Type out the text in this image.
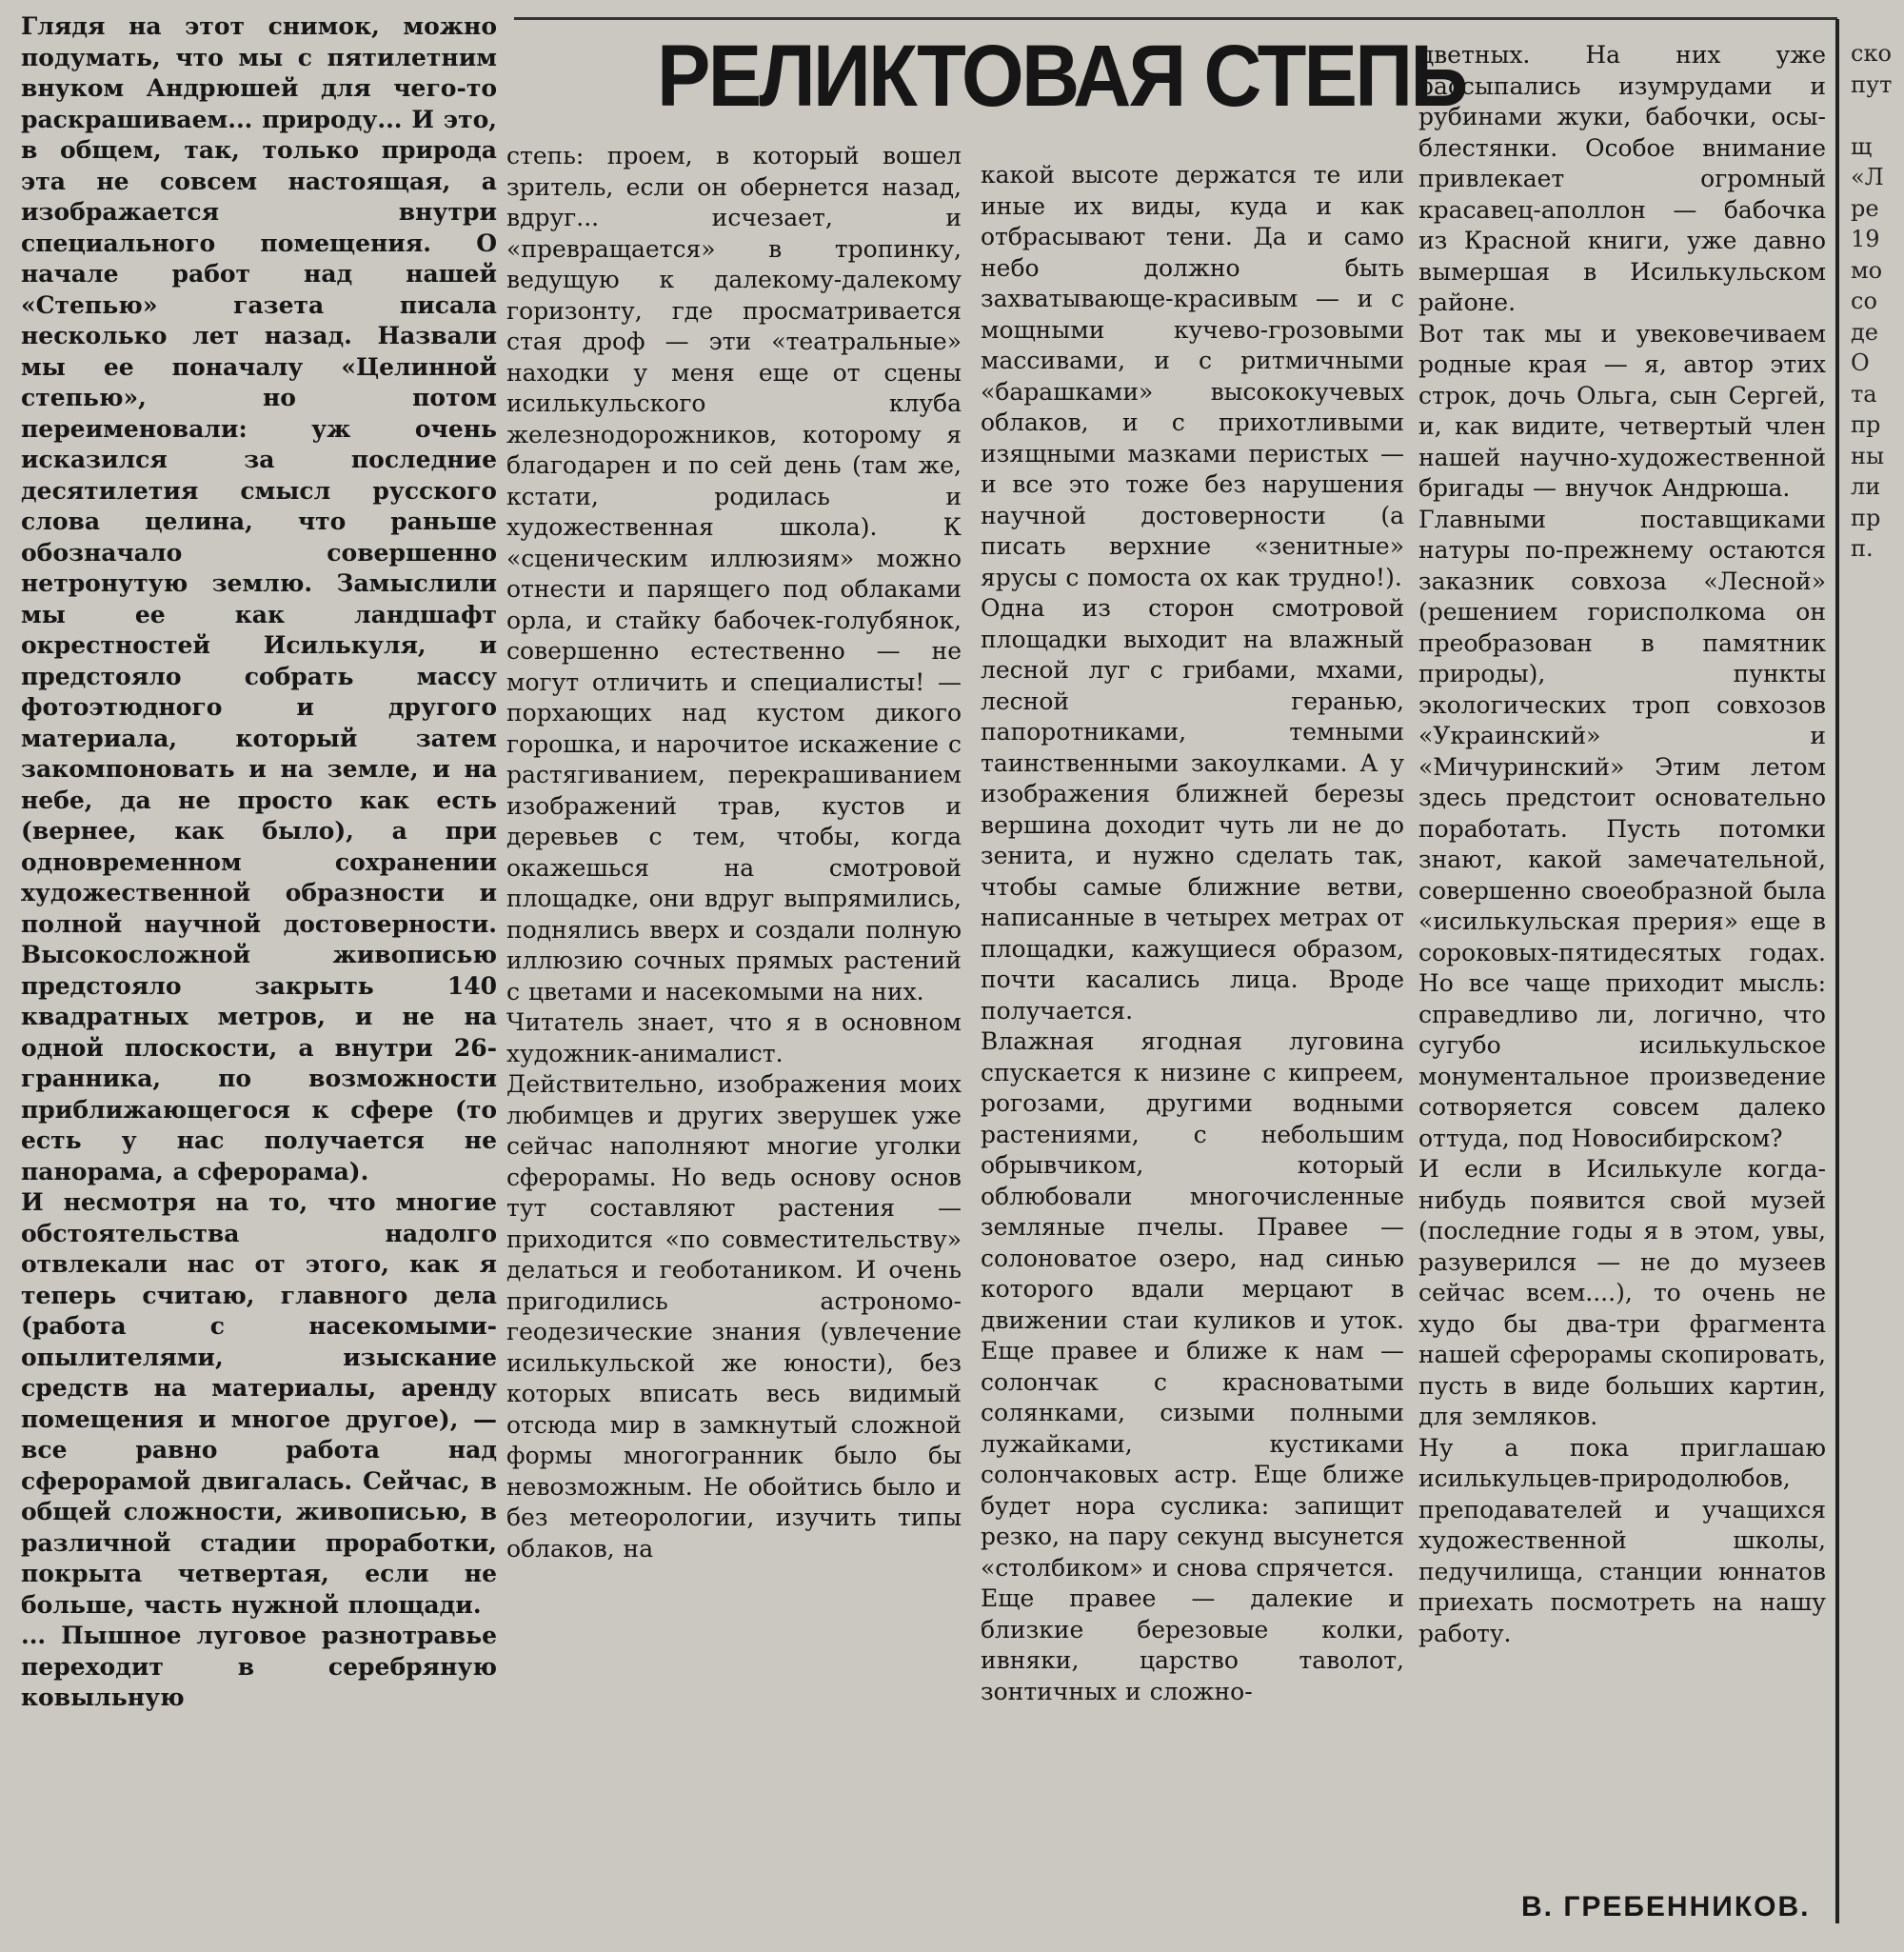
РЕЛИКТОВАЯ СТЕПЬ
Глядя на этот снимок, можно подумать, что мы с пятилетним внуком Андрюшей для чего-то раскрашиваем... природу... И это, в общем, так, только природа эта не совсем настоящая, а изображается внутри специального помещения. О начале работ над нашей «Степью» газета писала несколько лет назад. Назвали мы ее поначалу «Целинной степью», но потом переименовали: уж очень исказился за последние десятилетия смысл русского слова целина, что раньше обозначало совершенно нетронутую землю. Замыслили мы ее как ландшафт окрестностей Исилькуля, и предстояло собрать массу фотоэтюдного и другого материала, который затем закомпоновать и на земле, и на небе, да не просто как есть (вернее, как было), а при одновременном сохранении художественной образности и полной научной достоверности. Высокосложной живописью предстояло закрыть 140 квадратных метров, и не на одной плоскости, а внутри 26-гранника, по возможности приближающегося к сфере (то есть у нас получается не панорама, а сферорама).
И несмотря на то, что многие обстоятельства надолго отвлекали нас от этого, как я теперь считаю, главного дела (работа с насекомыми-опылителями, изыскание средств на материалы, аренду помещения и многое другое), — все равно работа над сферорамой двигалась. Сейчас, в общей сложности, живописью, в различной стадии проработки, покрыта четвертая, если не больше, часть нужной площади.
... Пышное луговое разнотравье переходит в серебряную ковыльную
степь: проем, в который вошел зритель, если он обернется назад, вдруг... исчезает, и «превращается» в тропинку, ведущую к далекому-далекому горизонту, где просматривается стая дроф — эти «театральные» находки у меня еще от сцены исилькульского клуба железнодорожников, которому я благодарен и по сей день (там же, кстати, родилась и художественная школа). К «сценическим иллюзиям» можно отнести и парящего под облаками орла, и стайку бабочек-голубянок, совершенно естественно — не могут отличить и специалисты! — порхающих над кустом дикого горошка, и нарочитое искажение с растягиванием, перекрашиванием изображений трав, кустов и деревьев с тем, чтобы, когда окажешься на смотровой площадке, они вдруг выпрямились, поднялись вверх и создали полную иллюзию сочных прямых растений с цветами и насекомыми на них.
Читатель знает, что я в основном художник-анималист. Действительно, изображения моих любимцев и других зверушек уже сейчас наполняют многие уголки сферорамы. Но ведь основу основ тут составляют растения — приходится «по совместительству» делаться и геоботаником. И очень пригодились астрономо-геодезические знания (увлечение исилькульской же юности), без которых вписать весь видимый отсюда мир в замкнутый сложной формы многогранник было бы невозможным. Не обойтись было и без метеорологии, изучить типы облаков, на
какой высоте держатся те или иные их виды, куда и как отбрасывают тени. Да и само небо должно быть захватывающе-красивым — и с мощными кучево-грозовыми массивами, и с ритмичными «барашками» высококучевых облаков, и с прихотливыми изящными мазками перистых — и все это тоже без нарушения научной достоверности (а писать верхние «зенитные» ярусы с помоста ох как трудно!).
Одна из сторон смотровой площадки выходит на влажный лесной луг с грибами, мхами, лесной геранью, папоротниками, темными таинственными закоулками. А у изображения ближней березы вершина доходит чуть ли не до зенита, и нужно сделать так, чтобы самые ближние ветви, написанные в четырех метрах от площадки, кажущиеся образом, почти касались лица. Вроде получается.
Влажная ягодная луговина спускается к низине с кипреем, рогозами, другими водными растениями, с небольшим обрывчиком, который облюбовали многочисленные земляные пчелы. Правее — солоноватое озеро, над синью которого вдали мерцают в движении стаи куликов и уток. Еще правее и ближе к нам — солончак с красноватыми солянками, сизыми полными лужайками, кустиками солончаковых астр. Еще ближе будет нора суслика: запищит резко, на пару секунд высунется «столбиком» и снова спрячется.
Еще правее — далекие и близкие березовые колки, ивняки, царство таволот, зонтичных и сложно-
цветных. На них уже рассыпались изумрудами и рубинами жуки, бабочки, осы-блестянки. Особое внимание привлекает огромный красавец-аполлон — бабочка из Красной книги, уже давно вымершая в Исилькульском районе.
Вот так мы и увековечиваем родные края — я, автор этих строк, дочь Ольга, сын Сергей, и, как видите, четвертый член нашей научно-художественной бригады — внучок Андрюша.
Главными поставщиками натуры по-прежнему остаются заказник совхоза «Лесной» (решением горисполкома он преобразован в памятник природы), пункты экологических троп совхозов «Украинский» и «Мичуринский» Этим летом здесь предстоит основательно поработать. Пусть потомки знают, какой замечательной, совершенно своеобразной была «исилькульская прерия» еще в сороковых-пятидесятых годах. Но все чаще приходит мысль: справедливо ли, логично, что сугубо исилькульское монументальное произведение сотворяется совсем далеко оттуда, под Новосибирском?
И если в Исилькуле когда-нибудь появится свой музей (последние годы я в этом, увы, разуверился — не до музеев сейчас всем....), то очень не худо бы два-три фрагмента нашей сферорамы скопировать, пусть в виде больших картин, для земляков.
Ну а пока приглашаю исилькульцев-природолюбов, преподавателей и учащихся художественной школы, педучилища, станции юннатов приехать посмотреть на нашу работу.
В. ГРЕБЕННИКОВ.
ско
пут

щ
«Л
ре
19
мо
со
де
О
та
пр
ны
ли
пр
п.
